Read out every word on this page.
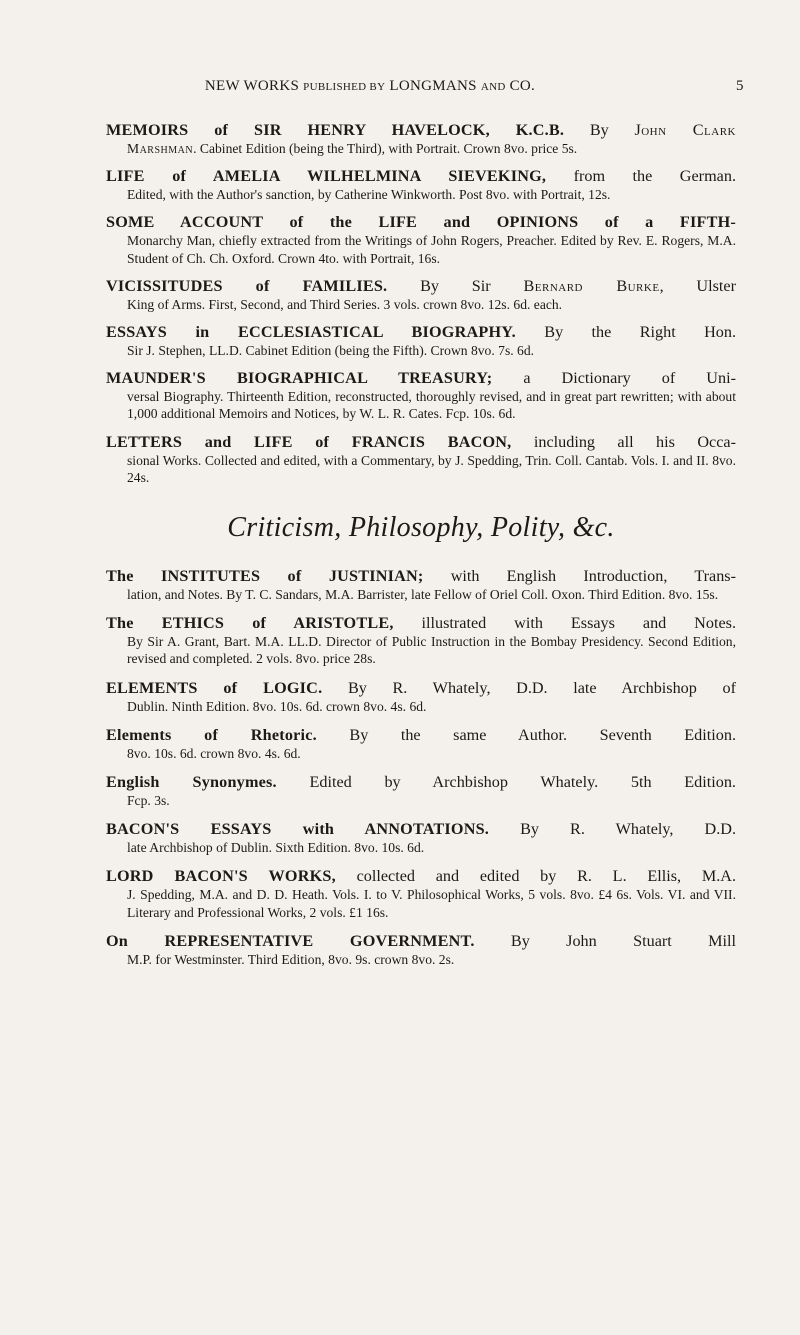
NEW WORKS PUBLISHED BY LONGMANS AND CO.	5
MEMOIRS of SIR HENRY HAVELOCK, K.C.B. By John Clark
Marshman. Cabinet Edition (being the Third), with Portrait. Crown 8vo. price 5s.
LIFE of AMELIA WILHELMINA SIEVEKING, from the German.
Edited, with the Author's sanction, by Catherine Winkworth. Post 8vo. with Portrait, 12s.
SOME ACCOUNT of the LIFE and OPINIONS of a FIFTH-
Monarchy Man, chiefly extracted from the Writings of John Rogers, Preacher. Edited by Rev. E. Rogers, M.A. Student of Ch. Ch. Oxford. Crown 4to. with Portrait, 16s.
VICISSITUDES of FAMILIES. By Sir Bernard Burke, Ulster
King of Arms. First, Second, and Third Series. 3 vols. crown 8vo. 12s. 6d. each.
ESSAYS in ECCLESIASTICAL BIOGRAPHY. By the Right Hon.
Sir J. Stephen, LL.D. Cabinet Edition (being the Fifth). Crown 8vo. 7s. 6d.
MAUNDER'S BIOGRAPHICAL TREASURY; a Dictionary of Uni-
versal Biography. Thirteenth Edition, reconstructed, thoroughly revised, and in great part rewritten; with about 1,000 additional Memoirs and Notices, by W. L. R. Cates. Fcp. 10s. 6d.
LETTERS and LIFE of FRANCIS BACON, including all his Occa-
sional Works. Collected and edited, with a Commentary, by J. Spedding, Trin. Coll. Cantab. Vols. I. and II. 8vo. 24s.
Criticism, Philosophy, Polity, &c.
The INSTITUTES of JUSTINIAN; with English Introduction, Trans-
lation, and Notes. By T. C. Sandars, M.A. Barrister, late Fellow of Oriel Coll. Oxon. Third Edition. 8vo. 15s.
The ETHICS of ARISTOTLE, illustrated with Essays and Notes.
By Sir A. Grant, Bart. M.A. LL.D. Director of Public Instruction in the Bombay Presidency. Second Edition, revised and completed. 2 vols. 8vo. price 28s.
ELEMENTS of LOGIC. By R. Whately, D.D. late Archbishop of
Dublin. Ninth Edition. 8vo. 10s. 6d. crown 8vo. 4s. 6d.
Elements of Rhetoric. By the same Author. Seventh Edition.
8vo. 10s. 6d. crown 8vo. 4s. 6d.
English Synonymes. Edited by Archbishop Whately. 5th Edition.
Fcp. 3s.
BACON'S ESSAYS with ANNOTATIONS. By R. Whately, D.D.
late Archbishop of Dublin. Sixth Edition. 8vo. 10s. 6d.
LORD BACON'S WORKS, collected and edited by R. L. Ellis, M.A.
J. Spedding, M.A. and D. D. Heath. Vols. I. to V. Philosophical Works, 5 vols. 8vo. £4 6s. Vols. VI. and VII. Literary and Professional Works, 2 vols. £1 16s.
On REPRESENTATIVE GOVERNMENT. By John Stuart Mill
M.P. for Westminster. Third Edition, 8vo. 9s. crown 8vo. 2s.
